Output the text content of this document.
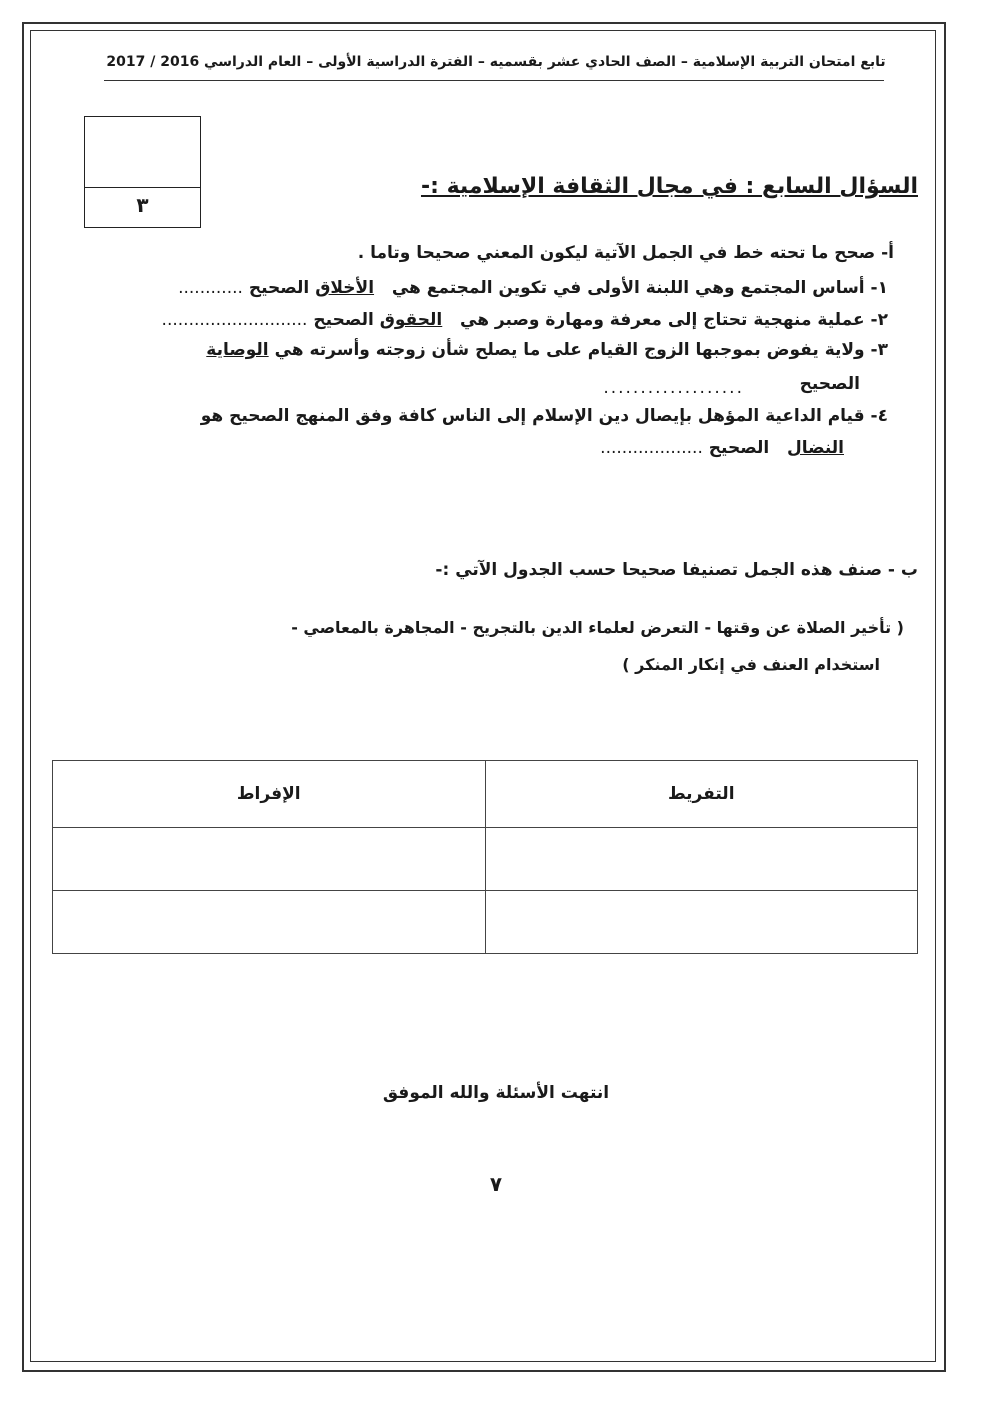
تابع امتحان التربية الإسلامية – الصف الحادي عشر بقسميه – الفترة الدراسية الأولى – العام الدراسي 2016 / 2017
٣
السؤال السابع : في مجال الثقافة الإسلامية :-
أ- صحح ما تحته خط في الجمل الآتية ليكون المعني صحيحا وتاما .
١- أساس المجتمع وهي اللبنة الأولى في تكوين المجتمع هي   الأخلاق الصحيح ............
٢- عملية منهجية تحتاج إلى معرفة ومهارة وصبر هي   الحقوق الصحيح ...........................
٣- ولاية يفوض بموجبها الزوج القيام على ما يصلح شأن زوجته وأسرته هي الوصاية
الصحيح
...................
٤- قيام الداعية المؤهل بإيصال دين الإسلام إلى الناس كافة وفق المنهج الصحيح هو
النضال   الصحيح ...................
ب - صنف هذه الجمل تصنيفا صحيحا حسب الجدول الآتي :-
( تأخير الصلاة عن وقتها - التعرض لعلماء الدين بالتجريح - المجاهرة بالمعاصي -
استخدام العنف في إنكار المنكر )
الإفراط	التفريط

انتهت الأسئلة والله الموفق
٧
